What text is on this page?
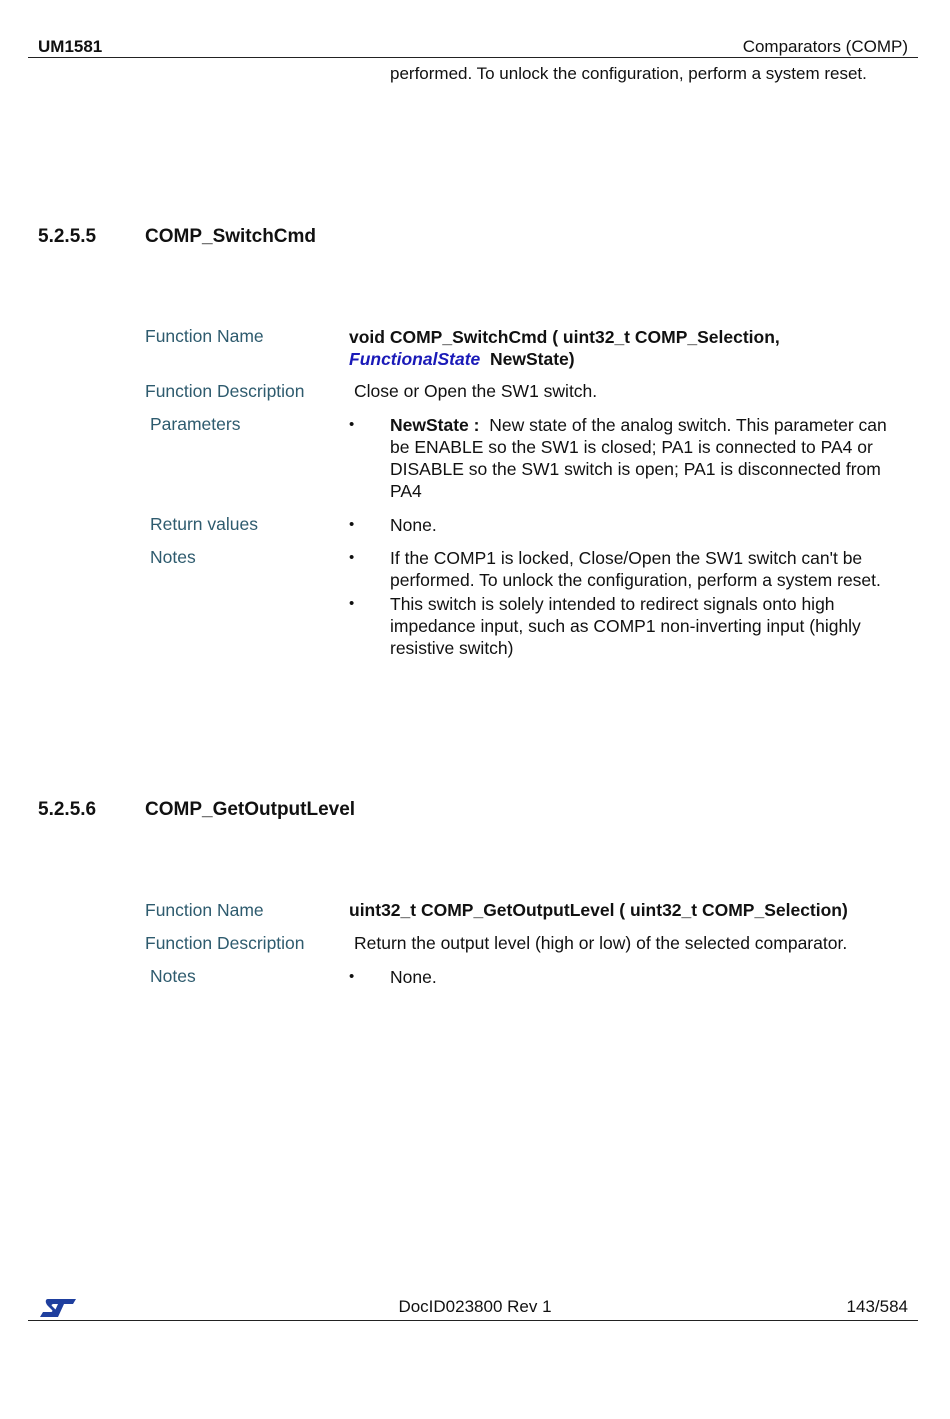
UM1581	Comparators (COMP)
performed. To unlock the configuration, perform a system reset.
5.2.5.5	COMP_SwitchCmd
Function Name	void COMP_SwitchCmd ( uint32_t COMP_Selection,
FunctionalState NewState)
Function Description	Close or Open the SW1 switch.
Parameters	• NewState : New state of the analog switch. This parameter can be ENABLE so the SW1 is closed; PA1 is connected to PA4 or DISABLE so the SW1 switch is open; PA1 is disconnected from PA4
Return values	• None.
Notes	• If the COMP1 is locked, Close/Open the SW1 switch can't be performed. To unlock the configuration, perform a system reset.
• This switch is solely intended to redirect signals onto high impedance input, such as COMP1 non-inverting input (highly resistive switch)
5.2.5.6	COMP_GetOutputLevel
Function Name	uint32_t COMP_GetOutputLevel ( uint32_t COMP_Selection)
Function Description	Return the output level (high or low) of the selected comparator.
Notes	• None.
DocID023800 Rev 1	143/584
